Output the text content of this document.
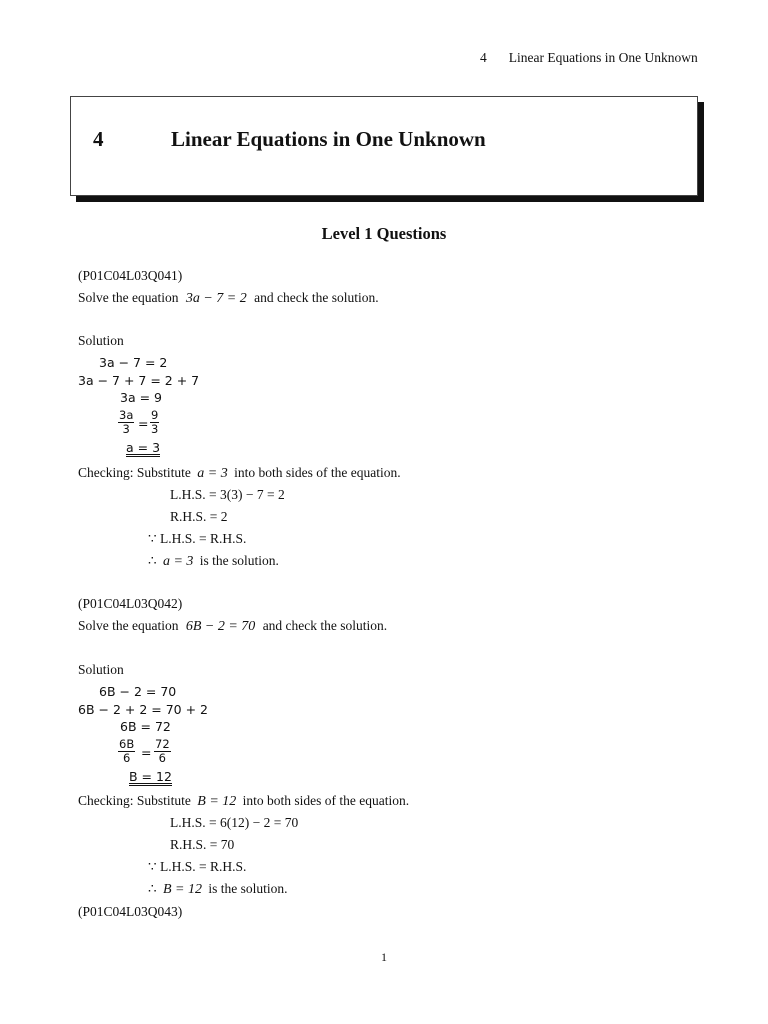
4 Linear Equations in One Unknown
4	Linear Equations in One Unknown
Level 1 Questions
(P01C04L03Q041)
Solve the equation 3a − 7 = 2 and check the solution.
Solution
3a − 7 = 2
3a − 7 + 7 = 2 + 7
3a = 9
$\frac{3a}{3} = \frac{9}{3}$
a = 3
Checking: Substitute a = 3 into both sides of the equation.
L.H.S. = 3(3) − 7 = 2
R.H.S. = 2
∵ L.H.S. = R.H.S.
∴ a = 3 is the solution.
(P01C04L03Q042)
Solve the equation 6B − 2 = 70 and check the solution.
Solution
6B − 2 = 70
6B − 2 + 2 = 70 + 2
6B = 72
$\frac{6B}{6} = \frac{72}{6}$
B = 12
Checking: Substitute B = 12 into both sides of the equation.
L.H.S. = 6(12) − 2 = 70
R.H.S. = 70
∵ L.H.S. = R.H.S.
∴ B = 12 is the solution.
(P01C04L03Q043)
1
